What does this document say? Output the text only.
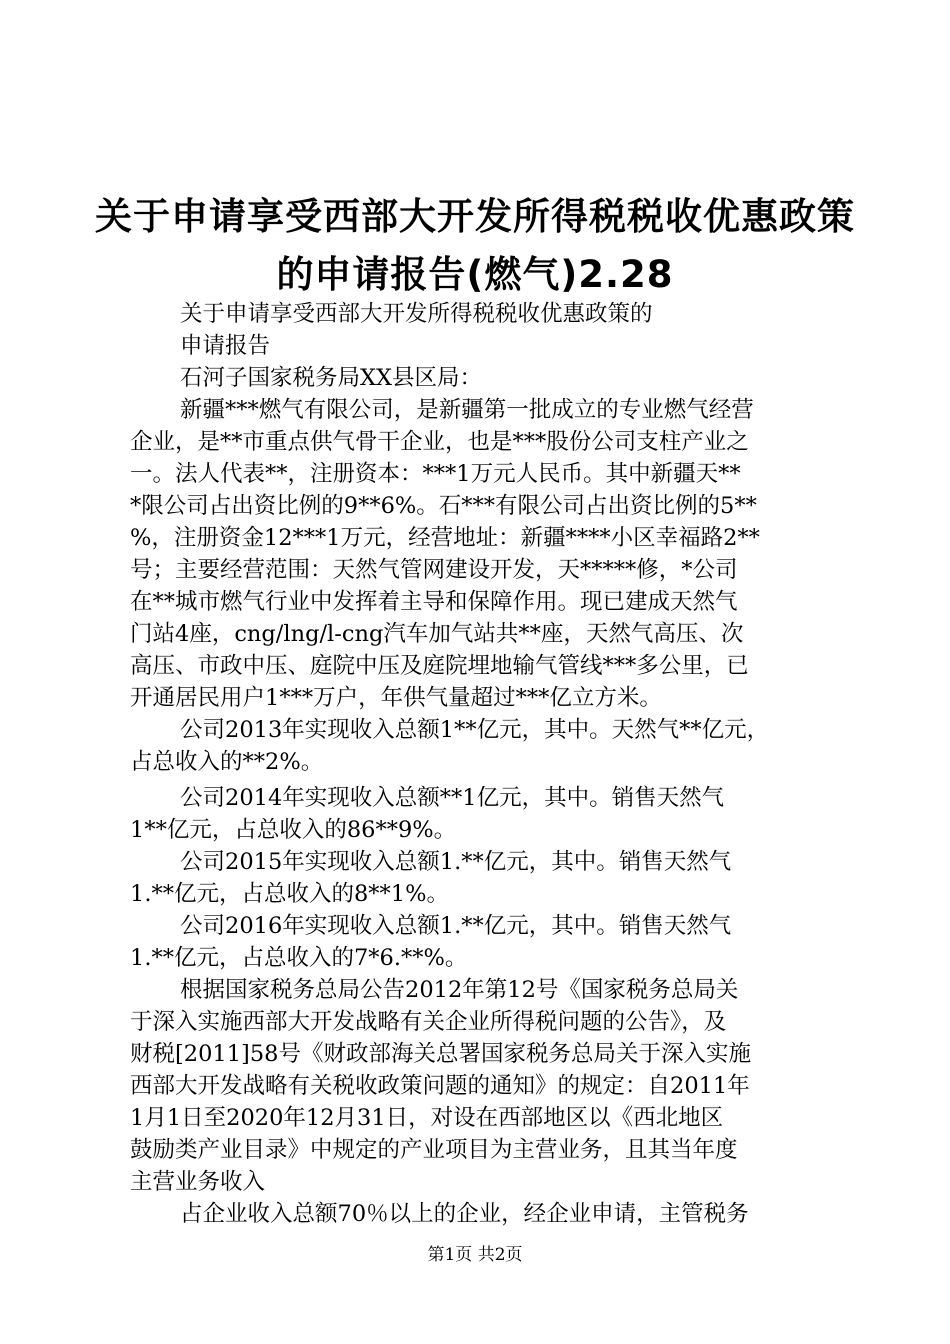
关于申请享受西部大开发所得税税收优惠政策
的申请报告(燃气)2.28
关于申请享受西部大开发所得税税收优惠政策的
申请报告
石河子国家税务局XX县区局：
新疆***燃气有限公司，是新疆第一批成立的专业燃气经营
企业，是**市重点供气骨干企业，也是***股份公司支柱产业之
一。法人代表**，注册资本：***1万元人民币。其中新疆天**
*限公司占出资比例的9**6%。石***有限公司占出资比例的5**
%，注册资金12***1万元，经营地址：新疆****小区幸福路2**
号；主要经营范围：天然气管网建设开发，天*****修，*公司
在**城市燃气行业中发挥着主导和保障作用。现已建成天然气
门站4座，cng/lng/l-cng汽车加气站共**座，天然气高压、次
高压、市政中压、庭院中压及庭院埋地输气管线***多公里，已
开通居民用户1***万户，年供气量超过***亿立方米。
公司2013年实现收入总额1**亿元，其中。天然气**亿元，
占总收入的**2%。
公司2014年实现收入总额**1亿元，其中。销售天然气
1**亿元，占总收入的86**9%。
公司2015年实现收入总额1.**亿元，其中。销售天然气
1.**亿元，占总收入的8**1%。
公司2016年实现收入总额1.**亿元，其中。销售天然气
1.**亿元，占总收入的7*6.**%。
根据国家税务总局公告2012年第12号《国家税务总局关
于深入实施西部大开发战略有关企业所得税问题的公告》，及
财税[2011]58号《财政部海关总署国家税务总局关于深入实施
西部大开发战略有关税收政策问题的通知》的规定：自2011年
1月1日至2020年12月31日，对设在西部地区以《西北地区
鼓励类产业目录》中规定的产业项目为主营业务，且其当年度
主营业务收入
占企业收入总额70％以上的企业，经企业申请，主管税务
第1页 共2页
